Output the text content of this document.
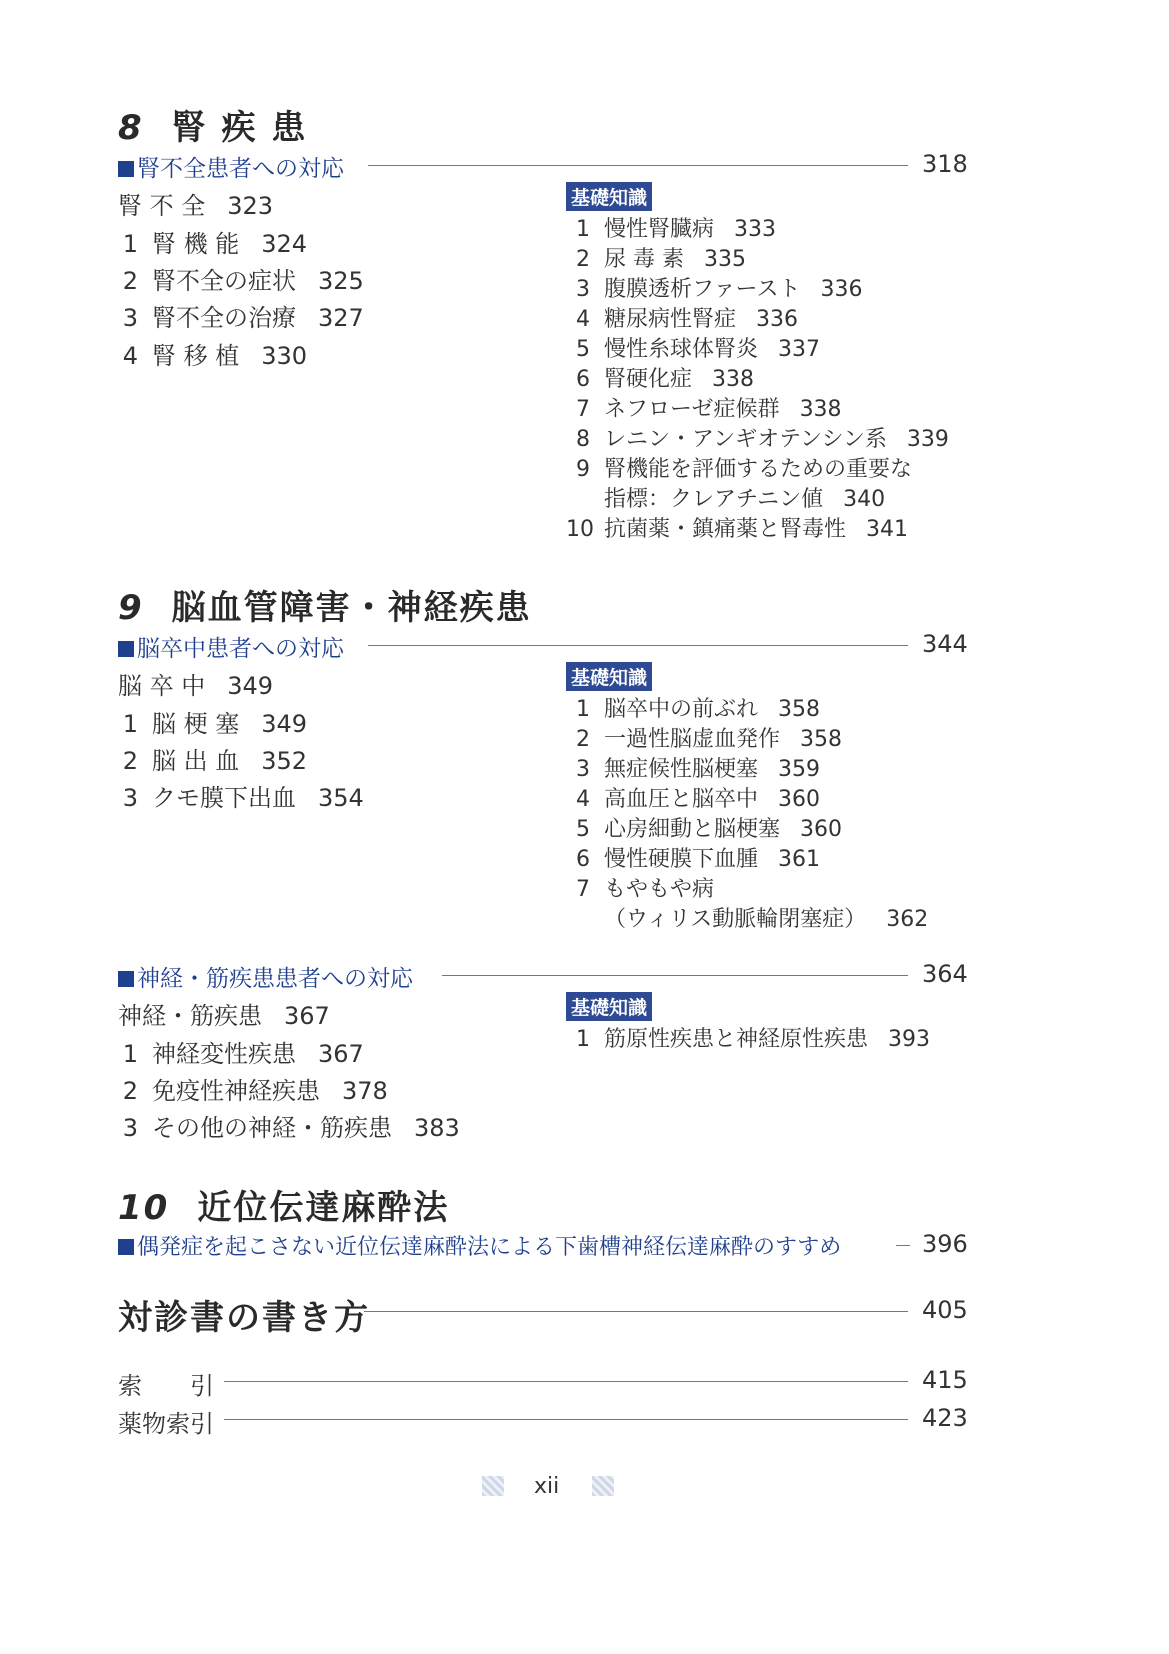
8 腎 疾 患
腎不全患者への対応	318
腎 不 全 323
1 腎 機 能 324
2 腎不全の症状 325
3 腎不全の治療 327
4 腎 移 植 330
基礎知識
1 慢性腎臓病 333
2 尿 毒 素 335
3 腹膜透析ファースト 336
4 糖尿病性腎症 336
5 慢性糸球体腎炎 337
6 腎硬化症 338
7 ネフローゼ症候群 338
8 レニン・アンギオテンシン系 339
9 腎機能を評価するための重要な
指標：クレアチニン値 340
10 抗菌薬・鎮痛薬と腎毒性 341
9 脳血管障害・神経疾患
脳卒中患者への対応	344
脳 卒 中 349
1 脳 梗 塞 349
2 脳 出 血 352
3 クモ膜下出血 354
基礎知識
1 脳卒中の前ぶれ 358
2 一過性脳虚血発作 358
3 無症候性脳梗塞 359
4 高血圧と脳卒中 360
5 心房細動と脳梗塞 360
6 慢性硬膜下血腫 361
7 もやもや病
（ウィリス動脈輪閉塞症） 362
神経・筋疾患患者への対応	364
神経・筋疾患 367
1 神経変性疾患 367
2 免疫性神経疾患 378
3 その他の神経・筋疾患 383
基礎知識
1 筋原性疾患と神経原性疾患 393
10 近位伝達麻酔法
偶発症を起こさない近位伝達麻酔法による下歯槽神経伝達麻酔のすすめ	396
対診書の書き方	405
索　　引	415
薬物索引	423
xii
